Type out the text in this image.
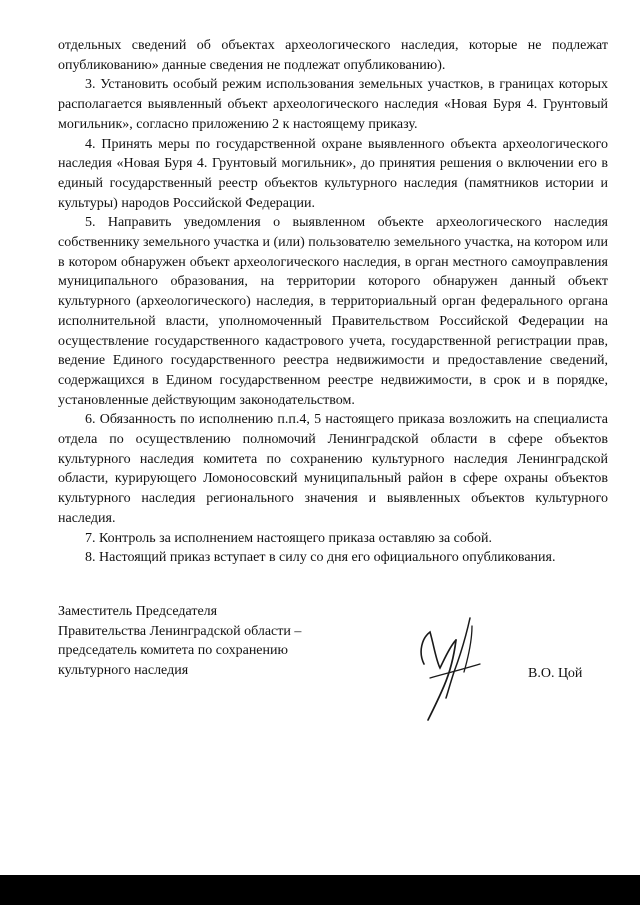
отдельных сведений об объектах археологического наследия, которые не подлежат опубликованию» данные сведения не подлежат опубликованию).

3. Установить особый режим использования земельных участков, в границах которых располагается выявленный объект археологического наследия «Новая Буря 4. Грунтовый могильник», согласно приложению 2 к настоящему приказу.

4. Принять меры по государственной охране выявленного объекта археологического наследия «Новая Буря 4. Грунтовый могильник», до принятия решения о включении его в единый государственный реестр объектов культурного наследия (памятников истории и культуры) народов Российской Федерации.

5. Направить уведомления о выявленном объекте археологического наследия собственнику земельного участка и (или) пользователю земельного участка, на котором или в котором обнаружен объект археологического наследия, в орган местного самоуправления муниципального образования, на территории которого обнаружен данный объект культурного (археологического) наследия, в территориальный орган федерального органа исполнительной власти, уполномоченный Правительством Российской Федерации на осуществление государственного кадастрового учета, государственной регистрации прав, ведение Единого государственного реестра недвижимости и предоставление сведений, содержащихся в Едином государственном реестре недвижимости, в срок и в порядке, установленные действующим законодательством.

6. Обязанность по исполнению п.п.4, 5 настоящего приказа возложить на специалиста отдела по осуществлению полномочий Ленинградской области в сфере объектов культурного наследия комитета по сохранению культурного наследия Ленинградской области, курирующего Ломоносовский муниципальный район в сфере охраны объектов культурного наследия регионального значения и выявленных объектов культурного наследия.

7. Контроль за исполнением настоящего приказа оставляю за собой.

8. Настоящий приказ вступает в силу со дня его официального опубликования.

Заместитель Председателя
Правительства Ленинградской области –
председатель комитета по сохранению
культурного наследия	В.О. Цой
